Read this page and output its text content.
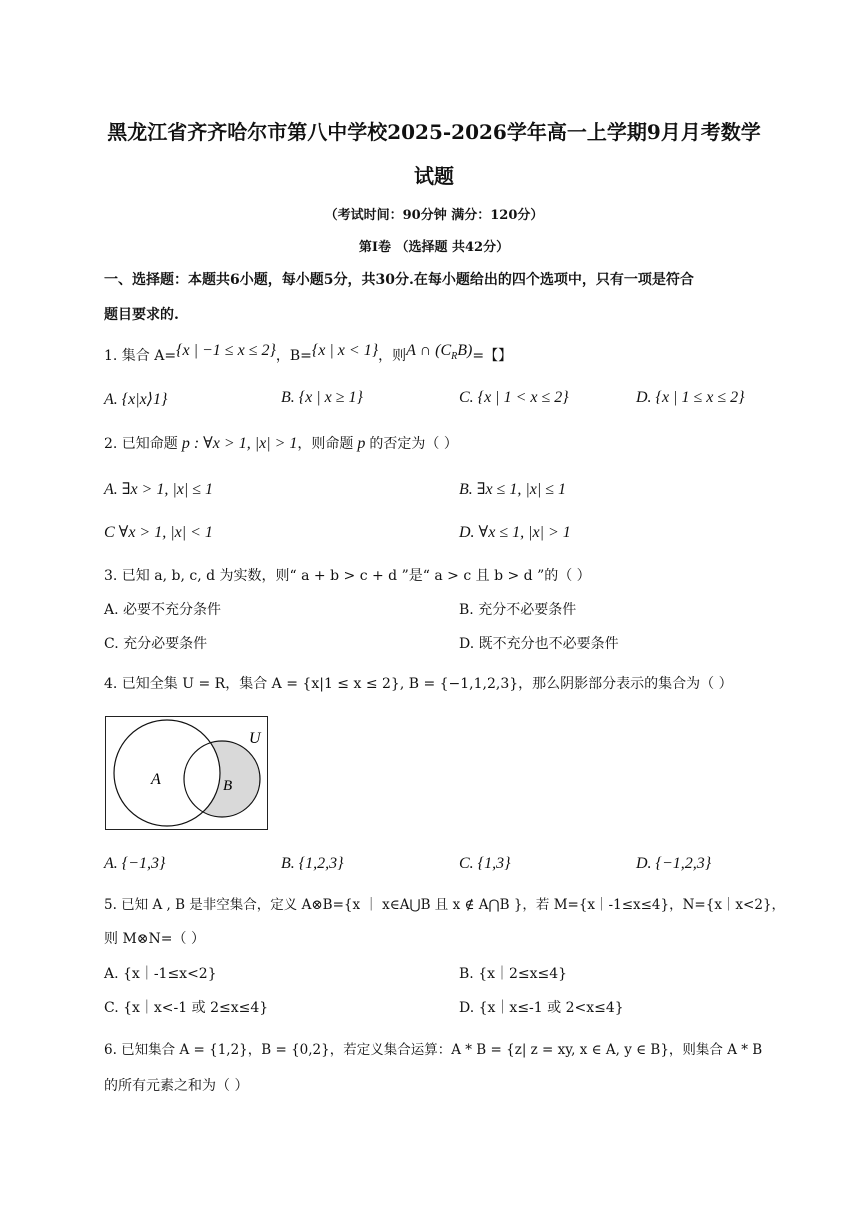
黑龙江省齐齐哈尔市第八中学校2025-2026学年高一上学期9月月考数学
试题
（考试时间：90分钟 满分：120分）
第Ⅰ卷 （选择题 共42分）
一、选择题：本题共6小题，每小题5分，共30分.在每小题给出的四个选项中，只有一项是符合
题目要求的.
1. 集合 A={x | −1 ≤ x ≤ 2}，B={x | x < 1}，则A ∩ $(C_RB)=$【】
A. {x|x⟩1}	B. {x | x ≥ 1}	C. {x | 1 < x ≤ 2}	D. {x | 1 ≤ x ≤ 2}
2. 已知命题 p : ∀x > 1, |x| > 1，则命题 p 的否定为（ ）
A. ∃x > 1, |x| ≤ 1	B. ∃x ≤ 1, |x| ≤ 1
C ∀x > 1, |x| < 1	D. ∀x ≤ 1, |x| > 1
3. 已知 a, b, c, d 为实数，则“ a + b > c + d ”是“ a > c 且 b > d ”的（ ）
A. 必要不充分条件	B. 充分不必要条件
C. 充分必要条件	D. 既不充分也不必要条件
4. 已知全集 U = R，集合 A = {x|1 ≤ x ≤ 2}, B = {−1,1,2,3}，那么阴影部分表示的集合为（ ）
U
A	B
A. {−1,3}	B. {1,2,3}	C. {1,3}	D. {−1,2,3}
5. 已知 A , B 是非空集合，定义 A⊗B={x ｜ x∈A⋃B 且 x ∉ A⋂B }，若 M={x｜-1≤x≤4}，N={x｜x<2}，
则 M⊗N=（ ）
A. {x｜-1≤x<2}	B. {x｜2≤x≤4}
C. {x｜x<-1 或 2≤x≤4}	D. {x｜x≤-1 或 2<x≤4}
6. 已知集合 A = {1,2}，B = {0,2}，若定义集合运算：A * B = {z| z = xy, x ∈ A, y ∈ B}，则集合 A * B
的所有元素之和为（ ）
